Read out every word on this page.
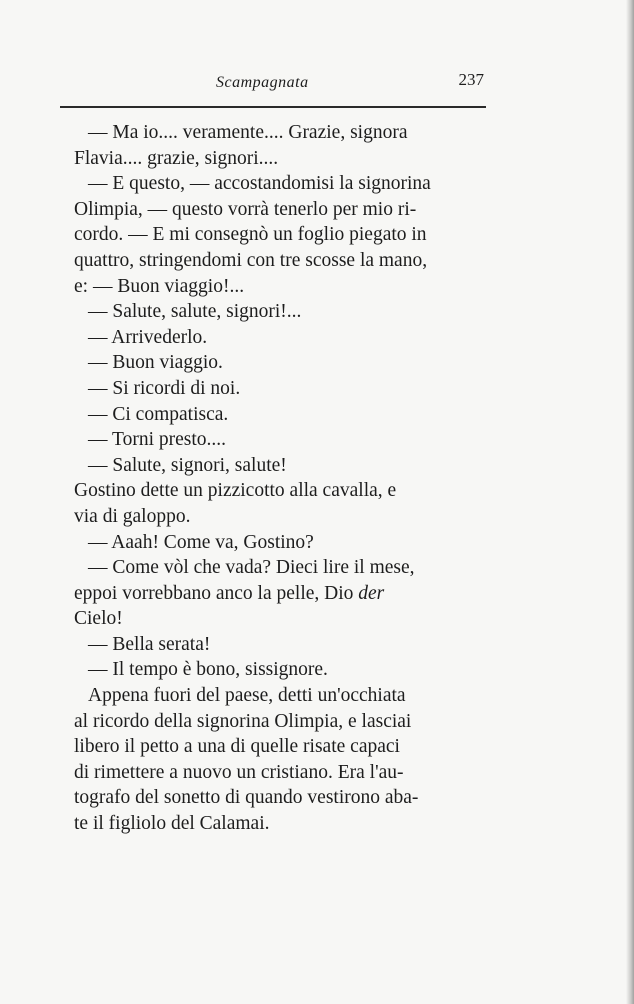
Scampagnata	237
— Ma io.... veramente.... Grazie, signora
Flavia.... grazie, signori....
— E questo, — accostandomisi la signorina
Olimpia, — questo vorrà tenerlo per mio ri-
cordo. — E mi consegnò un foglio piegato in
quattro, stringendomi con tre scosse la mano,
e: — Buon viaggio!...
— Salute, salute, signori!...
— Arrivederlo.
— Buon viaggio.
— Si ricordi di noi.
— Ci compatisca.
— Torni presto....
— Salute, signori, salute!
Gostino dette un pizzicotto alla cavalla, e
via di galoppo.
— Aaah! Come va, Gostino?
— Come vòl che vada? Dieci lire il mese,
eppoi vorrebbano anco la pelle, Dio der
Cielo!
— Bella serata!
— Il tempo è bono, sissignore.
Appena fuori del paese, detti un'occhiata
al ricordo della signorina Olimpia, e lasciai
libero il petto a una di quelle risate capaci
di rimettere a nuovo un cristiano. Era l'au-
tografo del sonetto di quando vestirono aba-
te il figliolo del Calamai.
